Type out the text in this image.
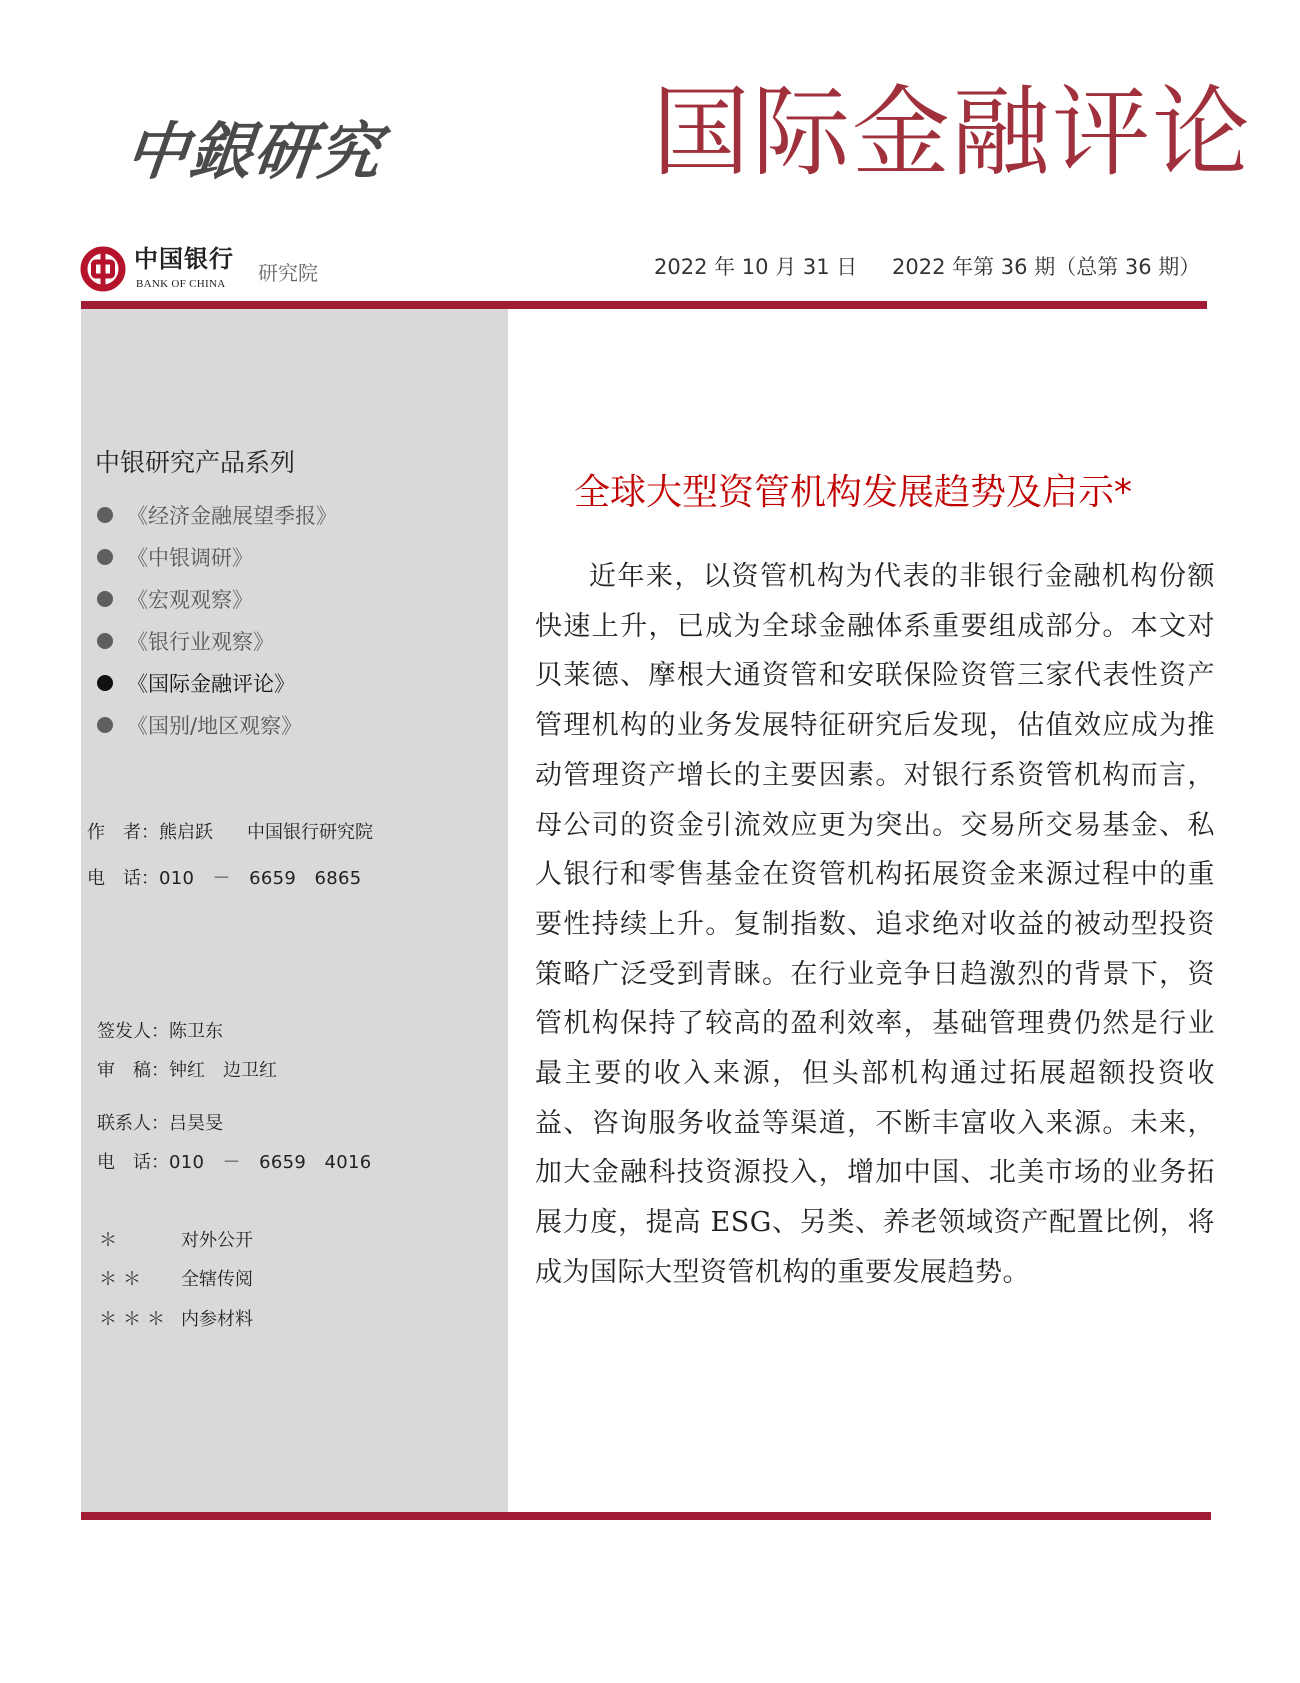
中銀研究	国际金融评论
中国银行
BANK OF CHINA 研究院	2022 年 10 月 31 日 2022 年第 36 期（总第 36 期）
中银研究产品系列
《经济金融展望季报》
《中银调研》
《宏观观察》
《银行业观察》
《国际金融评论》
《国别/地区观察》
作　者：熊启跃 中国银行研究院
电　话：010　－　6659　6865
签发人：陈卫东
审　稿：钟红　边卫红
联系人：吕昊旻
电　话：010　－　6659　4016
＊	对外公开
＊＊	全辖传阅
＊＊＊ 内参材料
全球大型资管机构发展趋势及启示*

近年来，以资管机构为代表的非银行金融机构份额快速上升，已成为全球金融体系重要组成部分。本文对贝莱德、摩根大通资管和安联保险资管三家代表性资产管理机构的业务发展特征研究后发现，估值效应成为推动管理资产增长的主要因素。对银行系资管机构而言，母公司的资金引流效应更为突出。交易所交易基金、私人银行和零售基金在资管机构拓展资金来源过程中的重要性持续上升。复制指数、追求绝对收益的被动型投资策略广泛受到青睐。在行业竞争日趋激烈的背景下，资管机构保持了较高的盈利效率，基础管理费仍然是行业最主要的收入来源，但头部机构通过拓展超额投资收益、咨询服务收益等渠道，不断丰富收入来源。未来，加大金融科技资源投入，增加中国、北美市场的业务拓展力度，提高 ESG、另类、养老领域资产配置比例，将成为国际大型资管机构的重要发展趋势。
